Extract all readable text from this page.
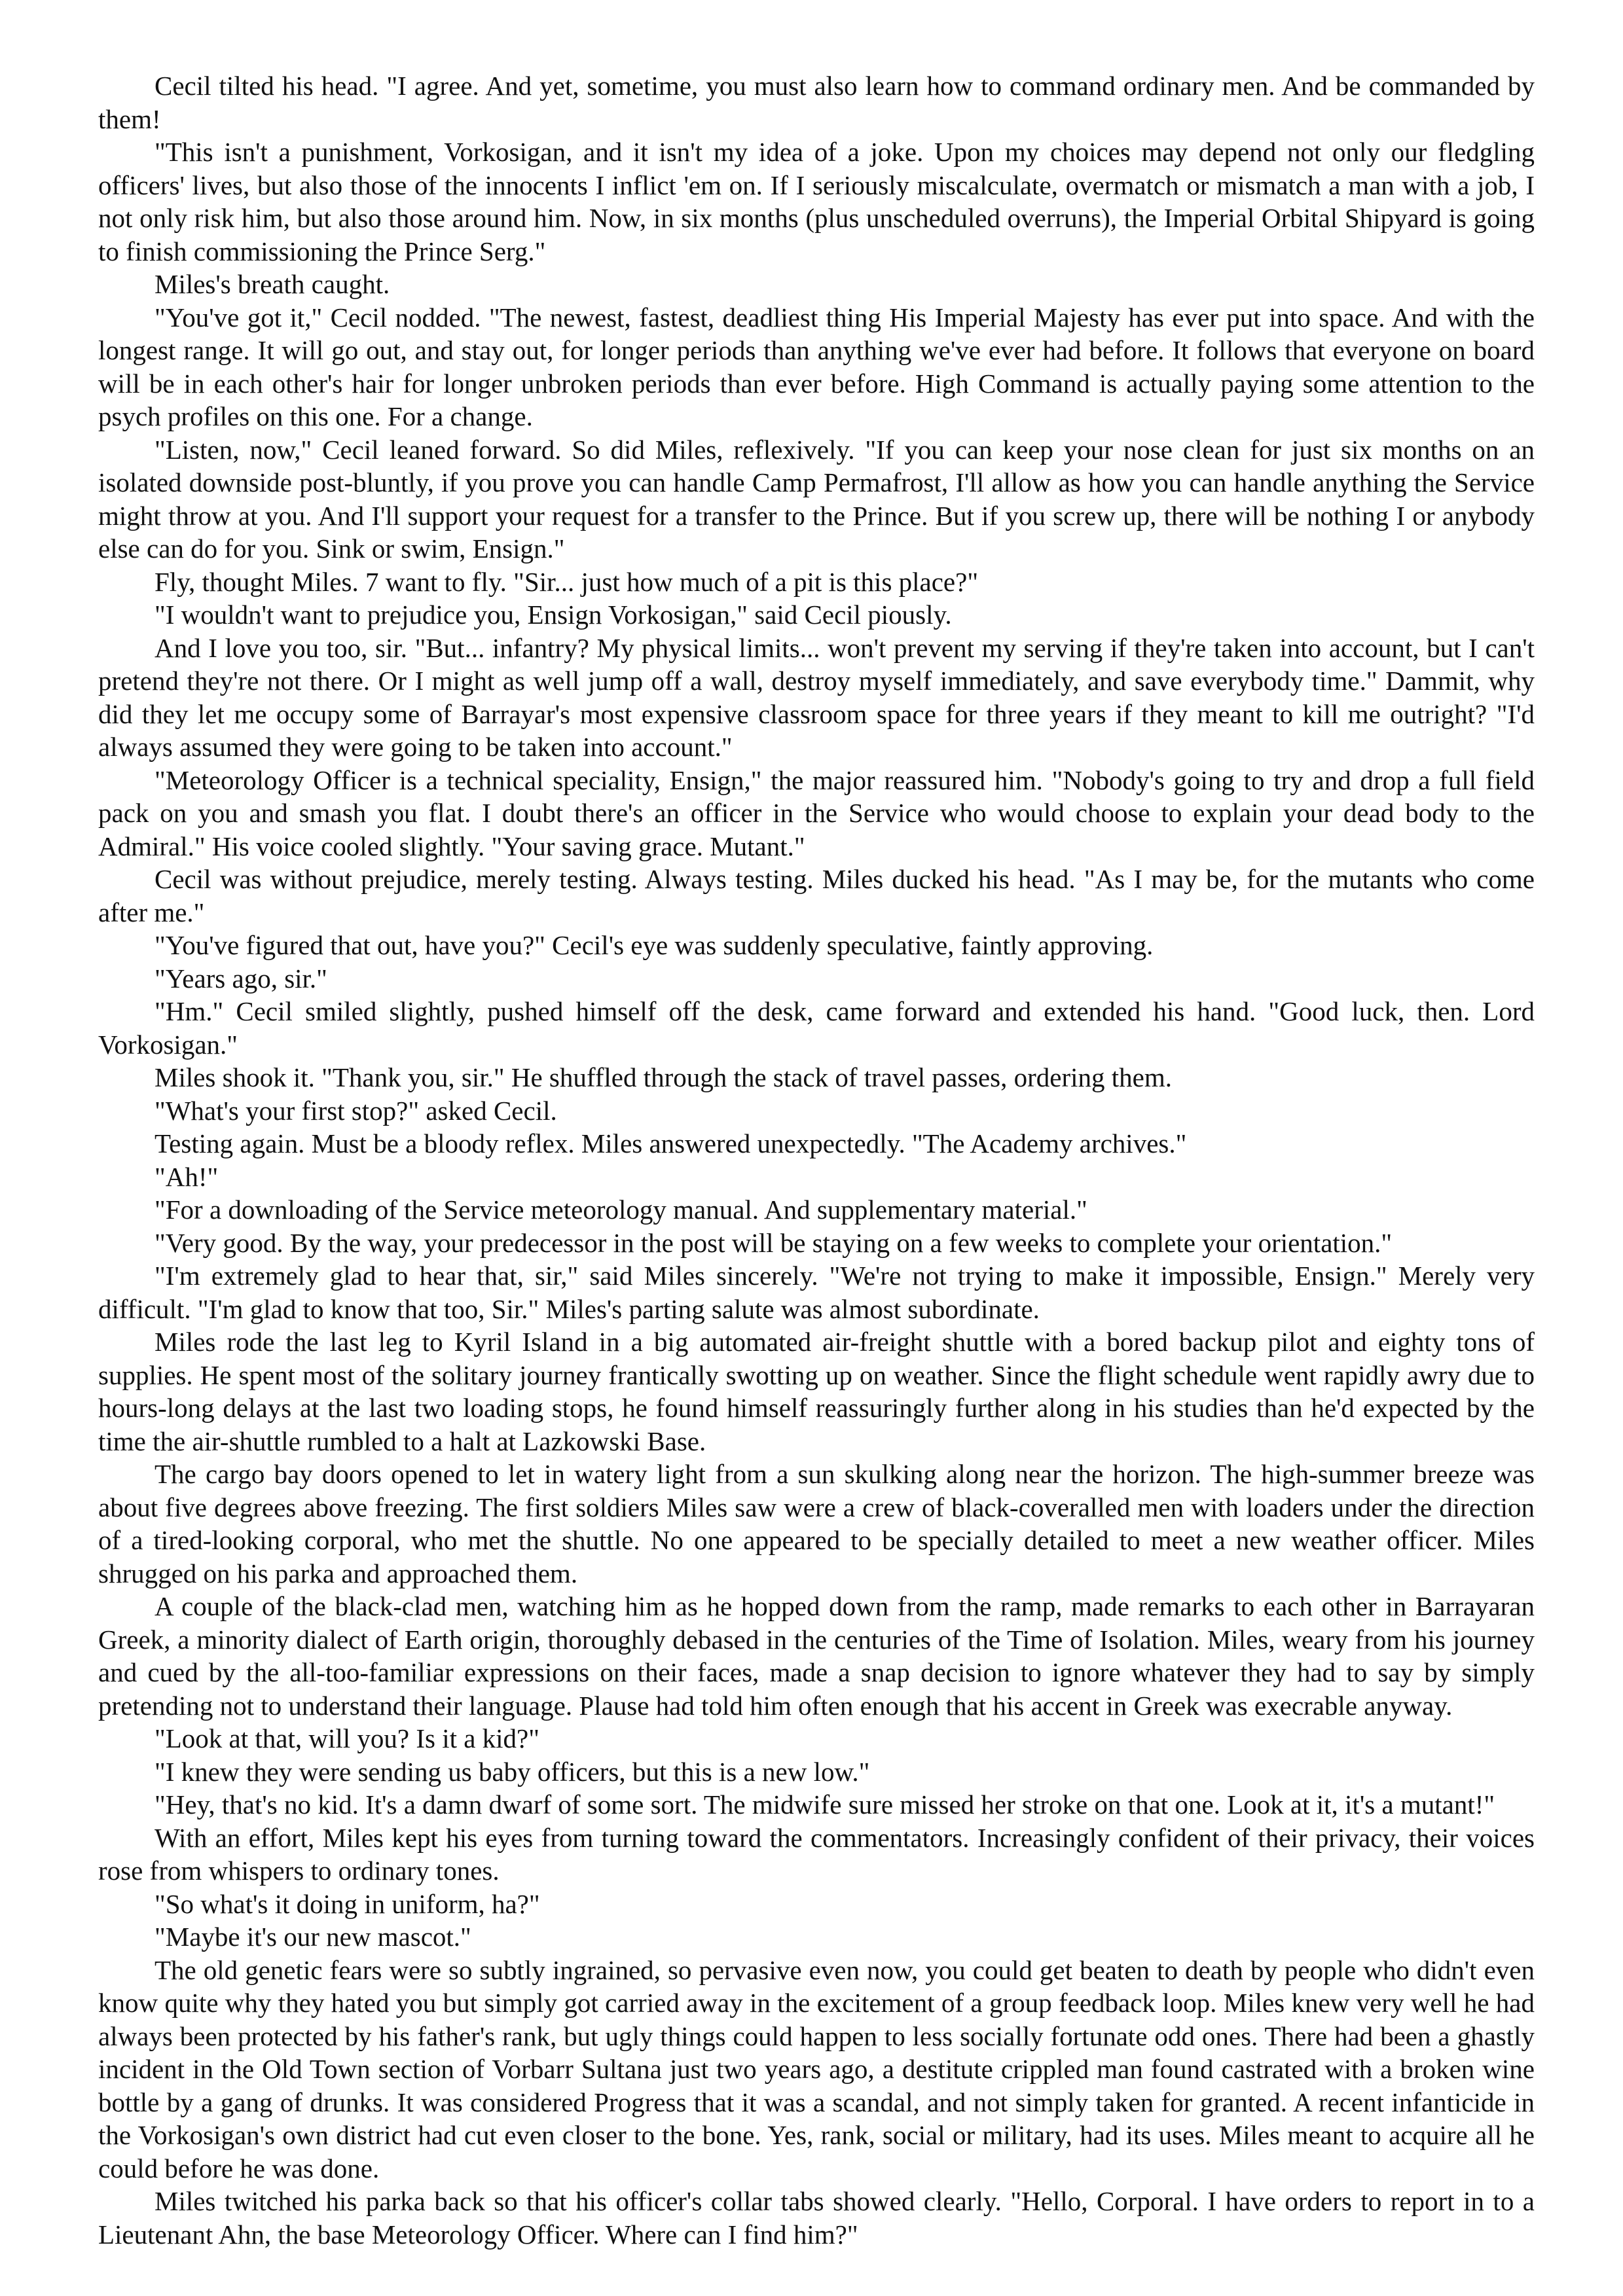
Cecil tilted his head. "I agree. And yet, sometime, you must also learn how to command ordinary men. And be commanded by them!

"This isn't a punishment, Vorkosigan, and it isn't my idea of a joke. Upon my choices may depend not only our fledgling officers' lives, but also those of the innocents I inflict 'em on. If I seriously miscalculate, overmatch or mismatch a man with a job, I not only risk him, but also those around him. Now, in six months (plus unscheduled overruns), the Imperial Orbital Shipyard is going to finish commissioning the Prince Serg."

Miles's breath caught.

"You've got it," Cecil nodded. "The newest, fastest, deadliest thing His Imperial Majesty has ever put into space. And with the longest range. It will go out, and stay out, for longer periods than anything we've ever had before. It follows that everyone on board will be in each other's hair for longer unbroken periods than ever before. High Command is actually paying some attention to the psych profiles on this one. For a change.

"Listen, now," Cecil leaned forward. So did Miles, reflexively. "If you can keep your nose clean for just six months on an isolated downside post-bluntly, if you prove you can handle Camp Permafrost, I'll allow as how you can handle anything the Service might throw at you. And I'll support your request for a transfer to the Prince. But if you screw up, there will be nothing I or anybody else can do for you. Sink or swim, Ensign."

Fly, thought Miles. 7 want to fly. "Sir... just how much of a pit is this place?"

"I wouldn't want to prejudice you, Ensign Vorkosigan," said Cecil piously.

And I love you too, sir. "But... infantry? My physical limits... won't prevent my serving if they're taken into account, but I can't pretend they're not there. Or I might as well jump off a wall, destroy myself immediately, and save everybody time." Dammit, why did they let me occupy some of Barrayar's most expensive classroom space for three years if they meant to kill me outright? "I'd always assumed they were going to be taken into account."

"Meteorology Officer is a technical speciality, Ensign," the major reassured him. "Nobody's going to try and drop a full field pack on you and smash you flat. I doubt there's an officer in the Service who would choose to explain your dead body to the Admiral." His voice cooled slightly. "Your saving grace. Mutant."

Cecil was without prejudice, merely testing. Always testing. Miles ducked his head. "As I may be, for the mutants who come after me."

"You've figured that out, have you?" Cecil's eye was suddenly speculative, faintly approving.

"Years ago, sir."

"Hm." Cecil smiled slightly, pushed himself off the desk, came forward and extended his hand. "Good luck, then. Lord Vorkosigan."

Miles shook it. "Thank you, sir." He shuffled through the stack of travel passes, ordering them.

"What's your first stop?" asked Cecil.

Testing again. Must be a bloody reflex. Miles answered unexpectedly. "The Academy archives."

"Ah!"

"For a downloading of the Service meteorology manual. And supplementary material."

"Very good. By the way, your predecessor in the post will be staying on a few weeks to complete your orientation."

"I'm extremely glad to hear that, sir," said Miles sincerely. "We're not trying to make it impossible, Ensign." Merely very difficult. "I'm glad to know that too, Sir." Miles's parting salute was almost subordinate.

Miles rode the last leg to Kyril Island in a big automated air-freight shuttle with a bored backup pilot and eighty tons of supplies. He spent most of the solitary journey frantically swotting up on weather. Since the flight schedule went rapidly awry due to hours-long delays at the last two loading stops, he found himself reassuringly further along in his studies than he'd expected by the time the air-shuttle rumbled to a halt at Lazkowski Base.

The cargo bay doors opened to let in watery light from a sun skulking along near the horizon. The high-summer breeze was about five degrees above freezing. The first soldiers Miles saw were a crew of black-coveralled men with loaders under the direction of a tired-looking corporal, who met the shuttle. No one appeared to be specially detailed to meet a new weather officer. Miles shrugged on his parka and approached them.

A couple of the black-clad men, watching him as he hopped down from the ramp, made remarks to each other in Barrayaran Greek, a minority dialect of Earth origin, thoroughly debased in the centuries of the Time of Isolation. Miles, weary from his journey and cued by the all-too-familiar expressions on their faces, made a snap decision to ignore whatever they had to say by simply pretending not to understand their language. Plause had told him often enough that his accent in Greek was execrable anyway.

"Look at that, will you? Is it a kid?"

"I knew they were sending us baby officers, but this is a new low."

"Hey, that's no kid. It's a damn dwarf of some sort. The midwife sure missed her stroke on that one. Look at it, it's a mutant!"

With an effort, Miles kept his eyes from turning toward the commentators. Increasingly confident of their privacy, their voices rose from whispers to ordinary tones.

"So what's it doing in uniform, ha?"

"Maybe it's our new mascot."

The old genetic fears were so subtly ingrained, so pervasive even now, you could get beaten to death by people who didn't even know quite why they hated you but simply got carried away in the excitement of a group feedback loop. Miles knew very well he had always been protected by his father's rank, but ugly things could happen to less socially fortunate odd ones. There had been a ghastly incident in the Old Town section of Vorbarr Sultana just two years ago, a destitute crippled man found castrated with a broken wine bottle by a gang of drunks. It was considered Progress that it was a scandal, and not simply taken for granted. A recent infanticide in the Vorkosigan's own district had cut even closer to the bone. Yes, rank, social or military, had its uses. Miles meant to acquire all he could before he was done.

Miles twitched his parka back so that his officer's collar tabs showed clearly. "Hello, Corporal. I have orders to report in to a Lieutenant Ahn, the base Meteorology Officer. Where can I find him?"
